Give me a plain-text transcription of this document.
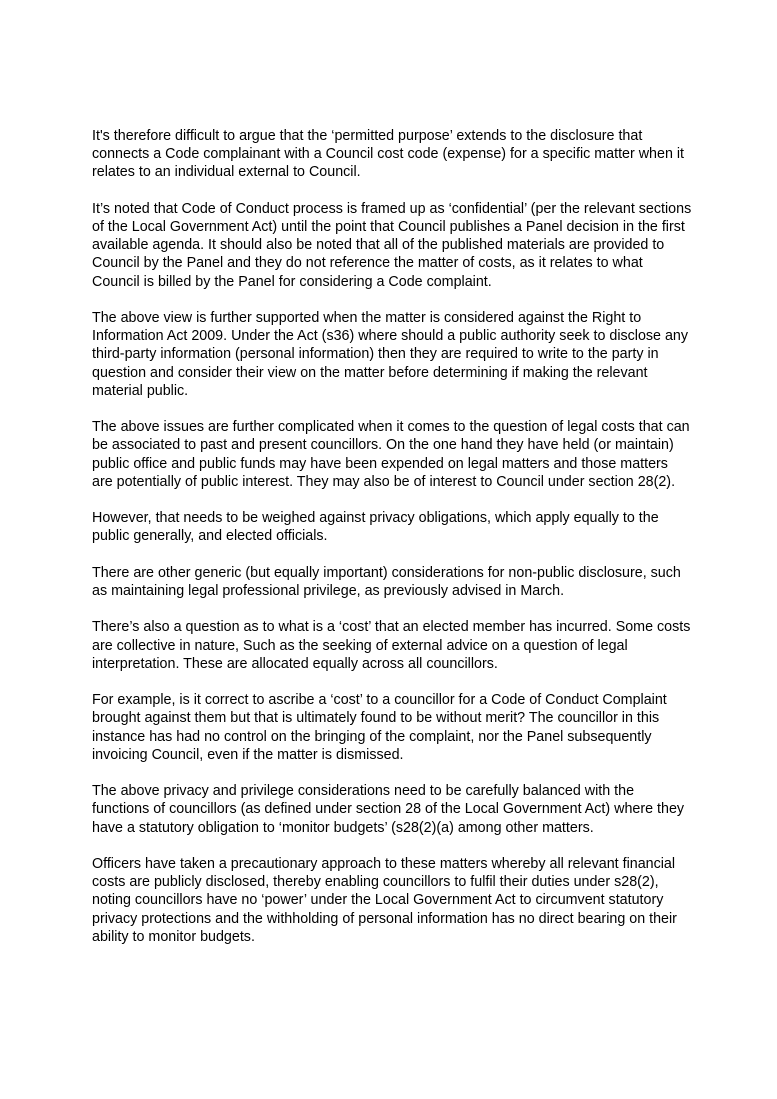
It's therefore difficult to argue that the ‘permitted purpose’ extends to the disclosure that connects a Code complainant with a Council cost code (expense) for a specific matter when it relates to an individual external to Council.

It’s noted that Code of Conduct process is framed up as ‘confidential’ (per the relevant sections of the Local Government Act) until the point that Council publishes a Panel decision in the first available agenda. It should also be noted that all of the published materials are provided to Council by the Panel and they do not reference the matter of costs, as it relates to what Council is billed by the Panel for considering a Code complaint.

The above view is further supported when the matter is considered against the Right to Information Act 2009. Under the Act (s36) where should a public authority seek to disclose any third-party information (personal information) then they are required to write to the party in question and consider their view on the matter before determining if making the relevant material public.

The above issues are further complicated when it comes to the question of legal costs that can be associated to past and present councillors. On the one hand they have held (or maintain) public office and public funds may have been expended on legal matters and those matters are potentially of public interest. They may also be of interest to Council under section 28(2).

However, that needs to be weighed against privacy obligations, which apply equally to the public generally, and elected officials.

There are other generic (but equally important) considerations for non-public disclosure, such as maintaining legal professional privilege, as previously advised in March.

There’s also a question as to what is a ‘cost’ that an elected member has incurred. Some costs are collective in nature, Such as the seeking of external advice on a question of legal interpretation. These are allocated equally across all councillors.

For example, is it correct to ascribe a ‘cost’ to a councillor for a Code of Conduct Complaint brought against them but that is ultimately found to be without merit? The councillor in this instance has had no control on the bringing of the complaint, nor the Panel subsequently invoicing Council, even if the matter is dismissed.

The above privacy and privilege considerations need to be carefully balanced with the functions of councillors (as defined under section 28 of the Local Government Act) where they have a statutory obligation to ‘monitor budgets’ (s28(2)(a) among other matters.

Officers have taken a precautionary approach to these matters whereby all relevant financial costs are publicly disclosed, thereby enabling councillors to fulfil their duties under s28(2), noting councillors have no ‘power’ under the Local Government Act to circumvent statutory privacy protections and the withholding of personal information has no direct bearing on their ability to monitor budgets.
